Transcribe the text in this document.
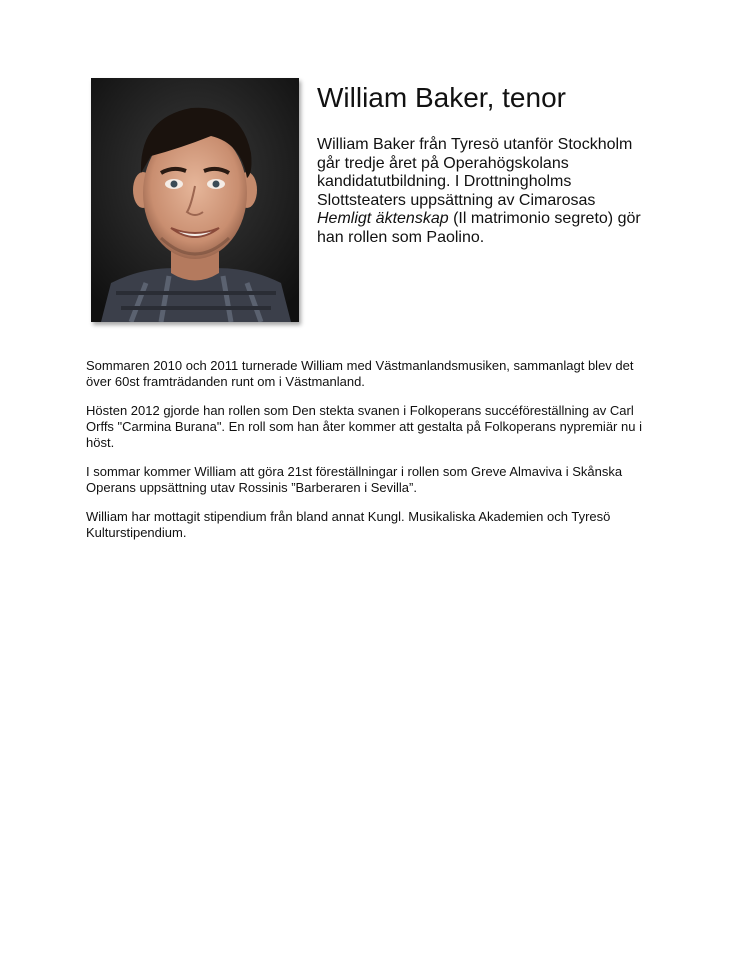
William Baker, tenor

William Baker från Tyresö utanför Stockholm går tredje året på Operahögskolans kandidatutbildning. I Drottningholms Slottsteaters uppsättning av Cimarosas Hemligt äktenskap (Il matrimonio segreto) gör han rollen som Paolino.

Sommaren 2010 och 2011 turnerade William med Västmanlandsmusiken, sammanlagt blev det över 60st framträdanden runt om i Västmanland.

Hösten 2012 gjorde han rollen som Den stekta svanen i Folkoperans succéföreställning av Carl Orffs "Carmina Burana". En roll som han åter kommer att gestalta på Folkoperans nypremiär nu i höst.

I sommar kommer William att göra 21st föreställningar i rollen som Greve Almaviva i Skånska Operans uppsättning utav Rossinis ”Barberaren i Sevilla”.

William har mottagit stipendium från bland annat Kungl. Musikaliska Akademien och Tyresö Kulturstipendium.
